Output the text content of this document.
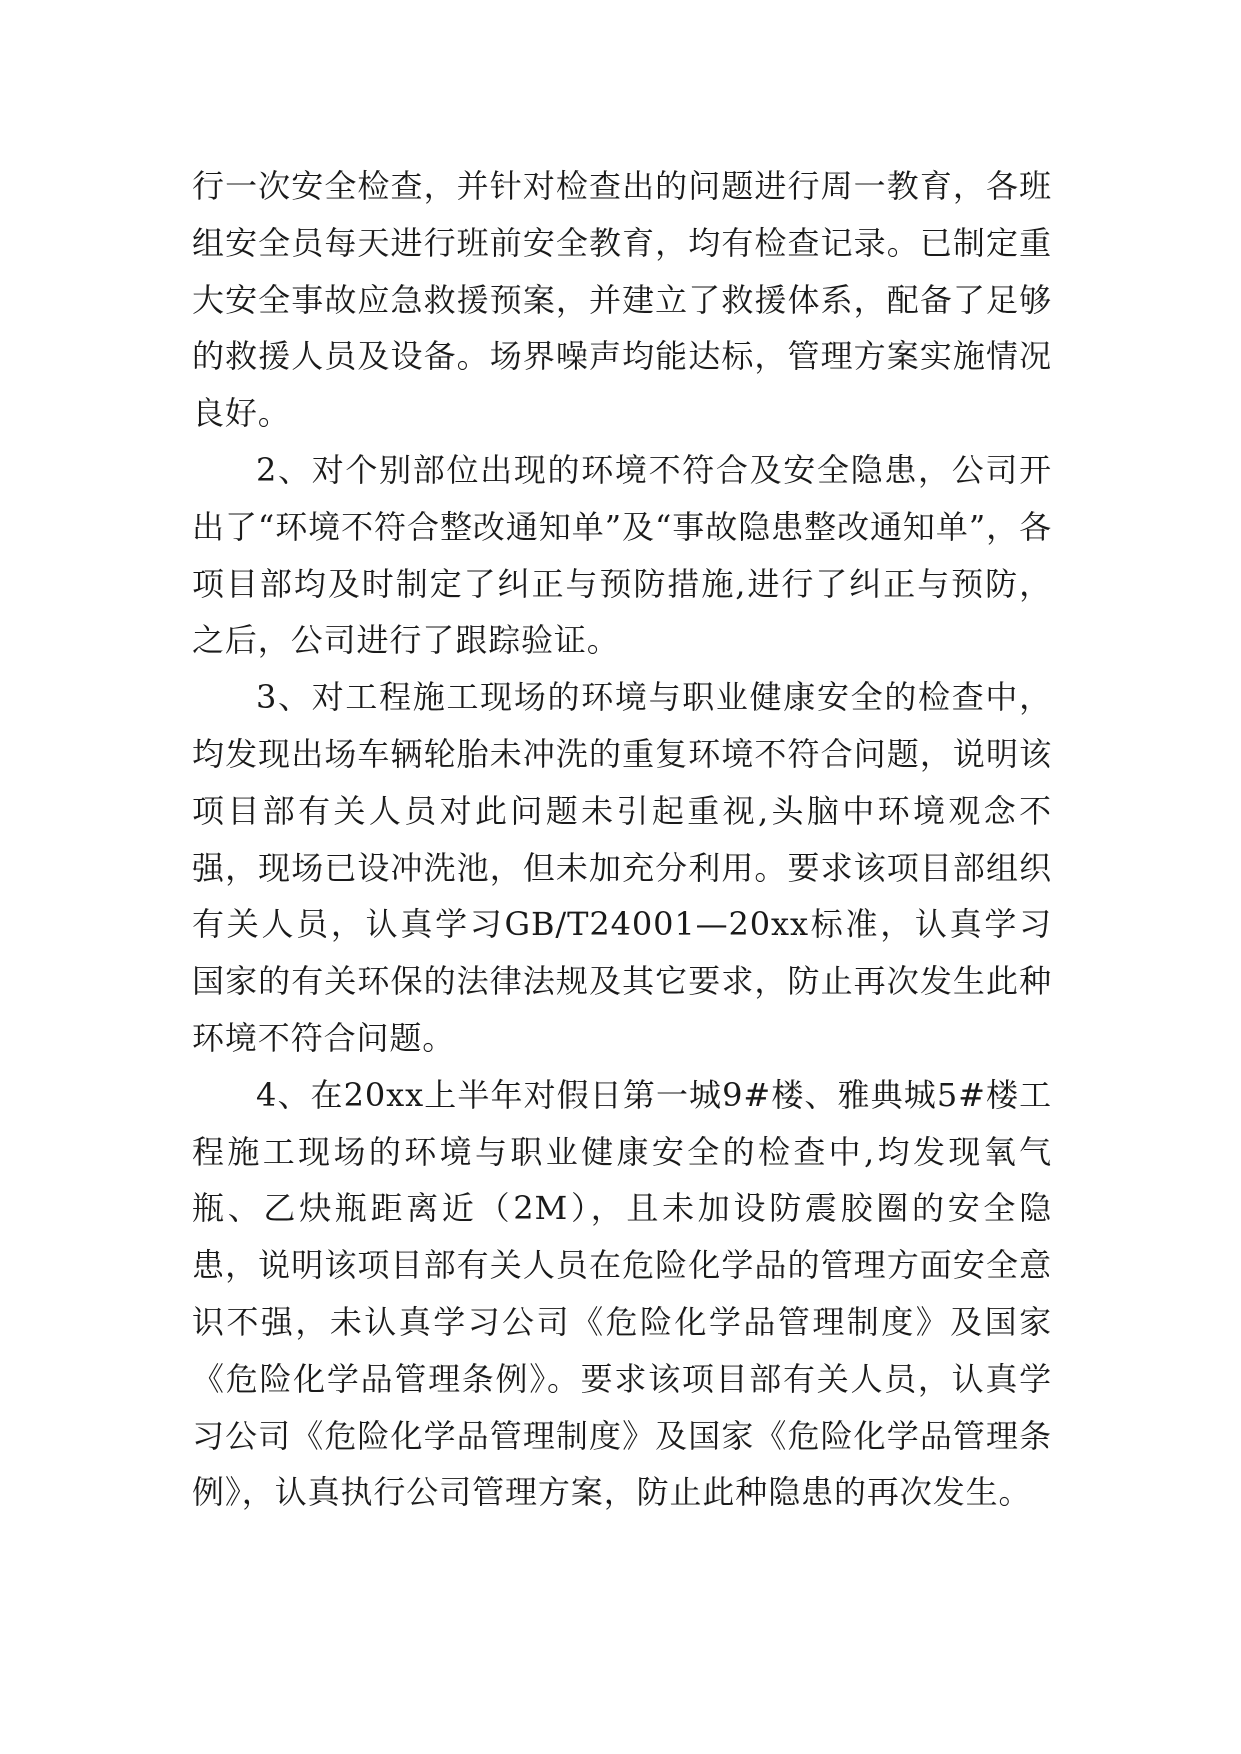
行一次安全检查，并针对检查出的问题进行周一教育，各班组安全员每天进行班前安全教育，均有检查记录。已制定重大安全事故应急救援预案，并建立了救援体系，配备了足够的救援人员及设备。场界噪声均能达标，管理方案实施情况良好。

2、对个别部位出现的环境不符合及安全隐患，公司开出了“环境不符合整改通知单”及“事故隐患整改通知单”，各项目部均及时制定了纠正与预防措施,进行了纠正与预防，之后，公司进行了跟踪验证。

3、对工程施工现场的环境与职业健康安全的检查中，均发现出场车辆轮胎未冲洗的重复环境不符合问题，说明该项目部有关人员对此问题未引起重视,头脑中环境观念不强，现场已设冲洗池，但未加充分利用。要求该项目部组织有关人员，认真学习GB/T24001—20xx标准，认真学习国家的有关环保的法律法规及其它要求，防止再次发生此种环境不符合问题。

4、在20xx上半年对假日第一城9#楼、雅典城5#楼工程施工现场的环境与职业健康安全的检查中,均发现氧气瓶、乙炔瓶距离近（2M），且未加设防震胶圈的安全隐患，说明该项目部有关人员在危险化学品的管理方面安全意识不强，未认真学习公司《危险化学品管理制度》及国家《危险化学品管理条例》。要求该项目部有关人员，认真学习公司《危险化学品管理制度》及国家《危险化学品管理条例》，认真执行公司管理方案，防止此种隐患的再次发生。
